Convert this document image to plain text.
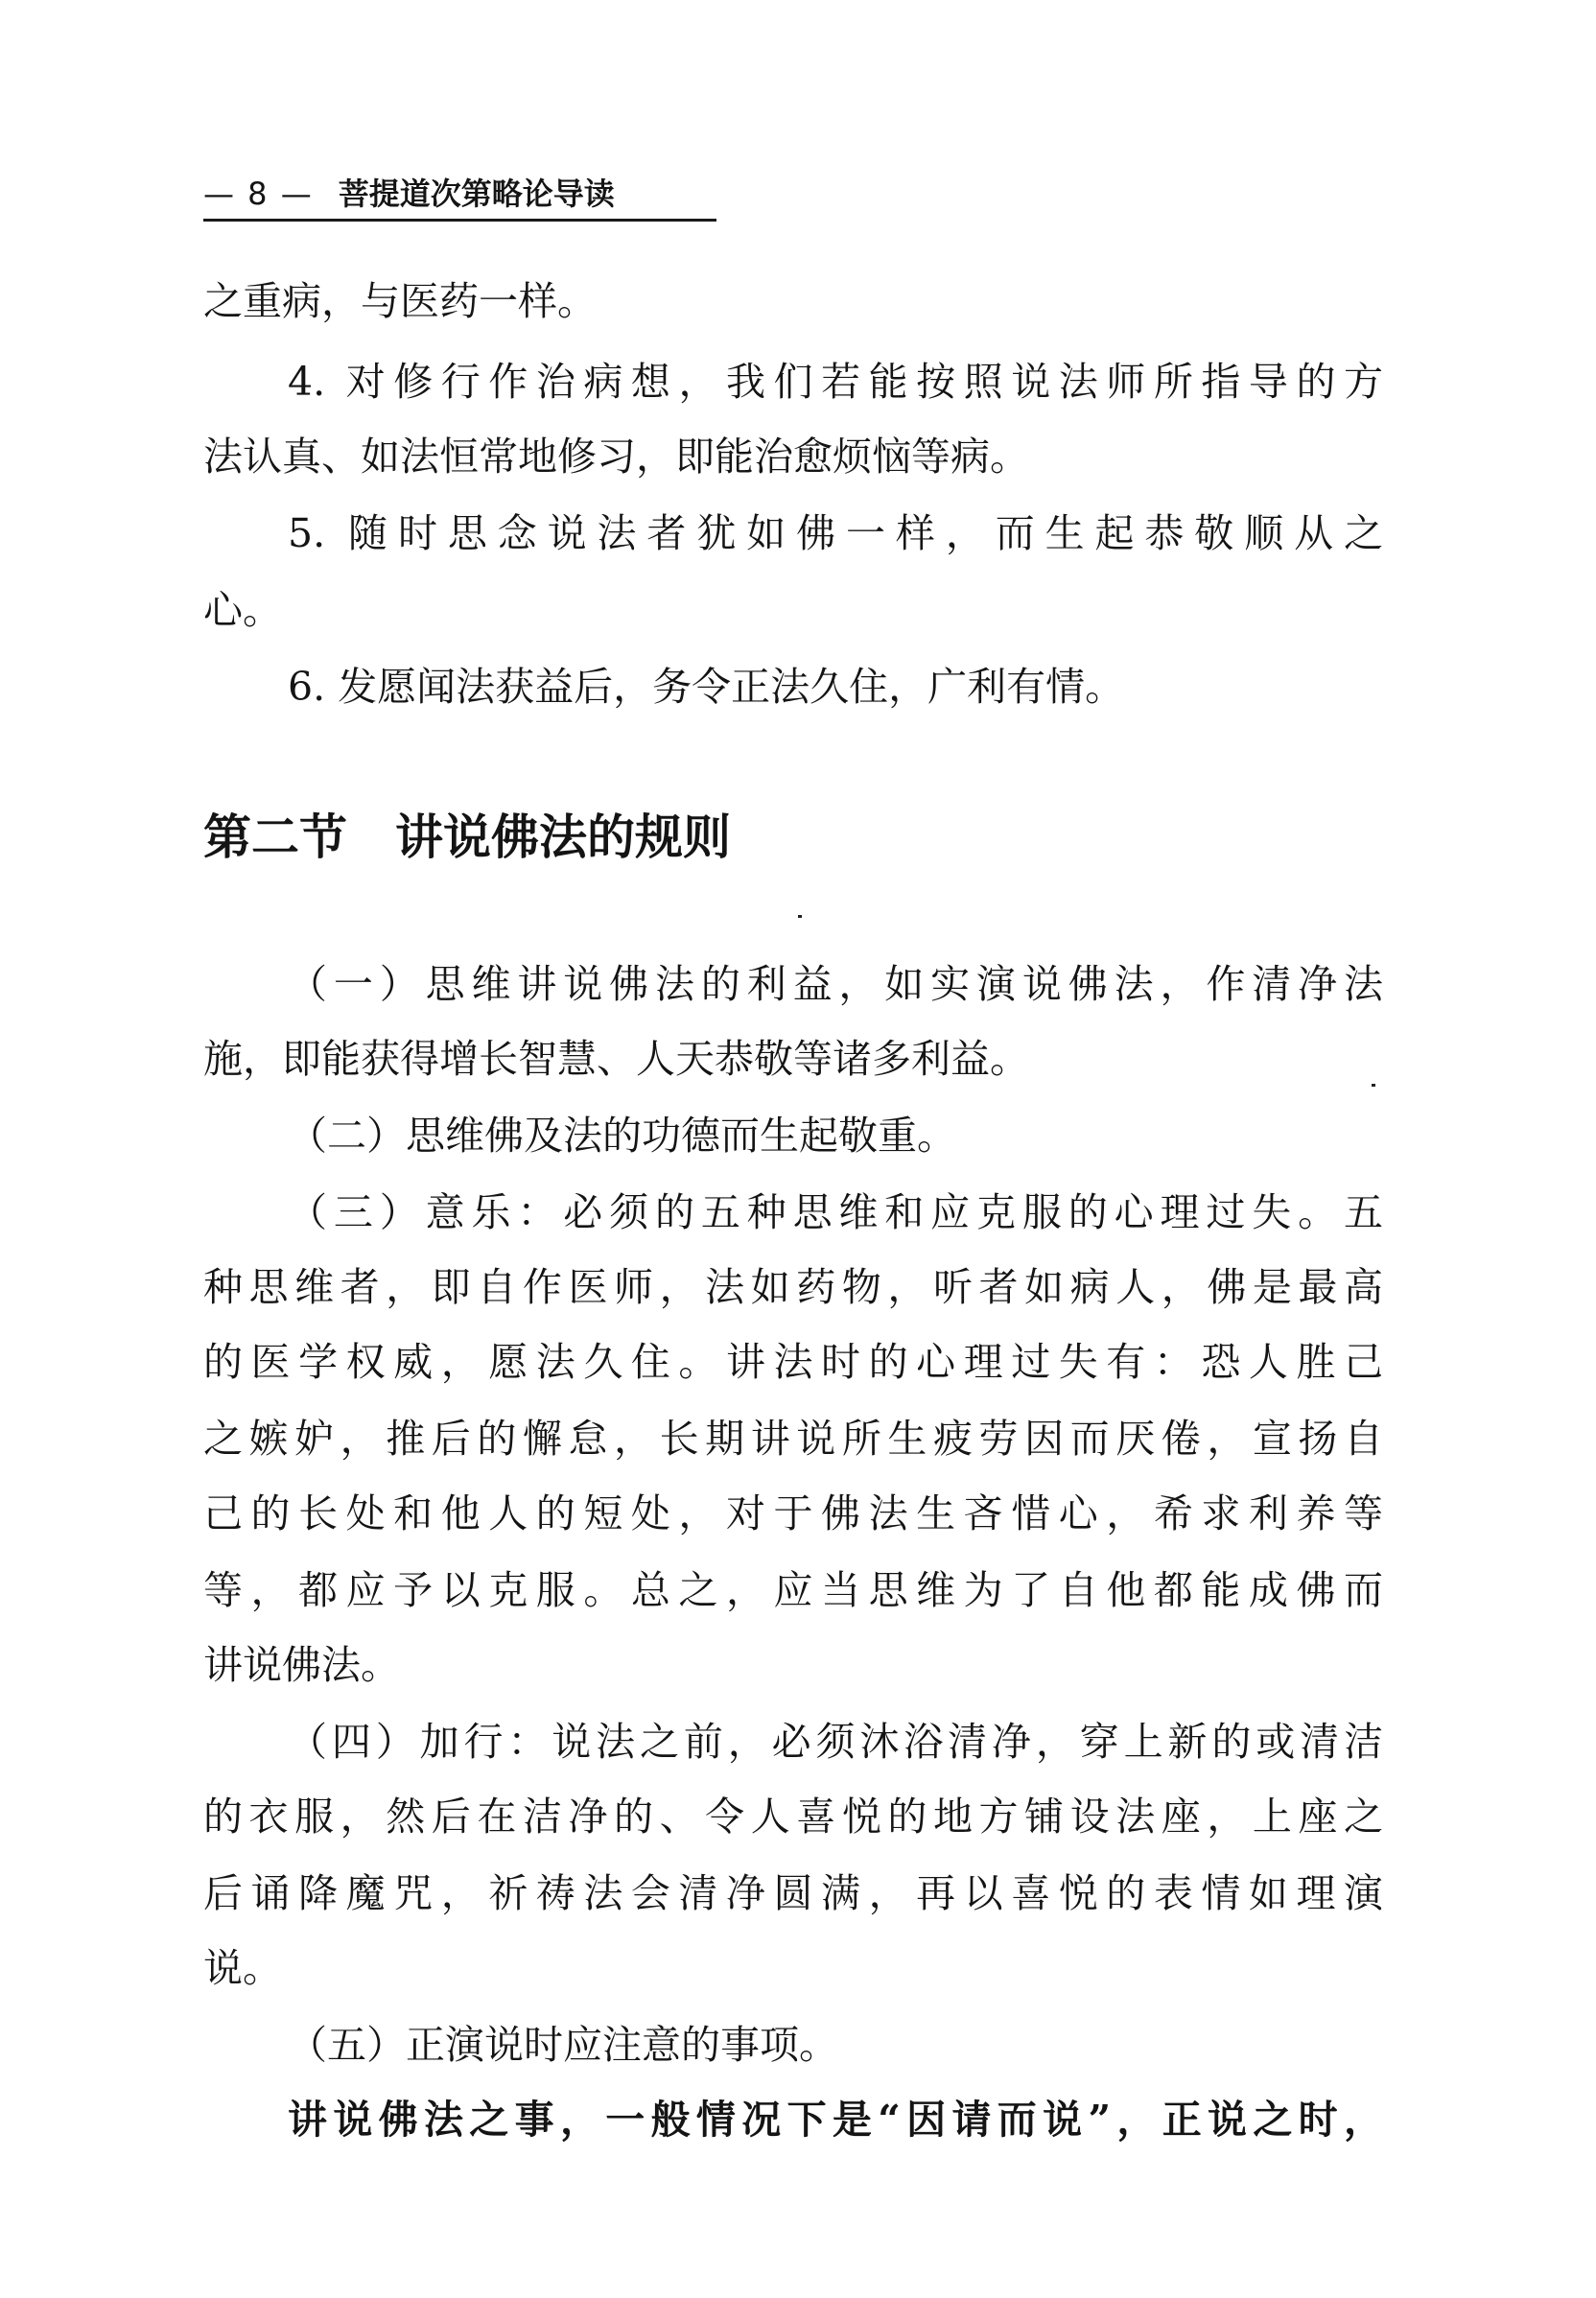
— 8 — 菩提道次第略论导读
之重病，与医药一样。
4. 对修行作治病想，我们若能按照说法师所指导的方
法认真、如法恒常地修习，即能治愈烦恼等病。
5. 随时思念说法者犹如佛一样，而生起恭敬顺从之
心。
6. 发愿闻法获益后，务令正法久住，广利有情。
第二节 讲说佛法的规则
（一）思维讲说佛法的利益，如实演说佛法，作清净法
施，即能获得增长智慧、人天恭敬等诸多利益。
（二）思维佛及法的功德而生起敬重。
（三）意乐：必须的五种思维和应克服的心理过失。五
种思维者，即自作医师，法如药物，听者如病人，佛是最高
的医学权威，愿法久住。讲法时的心理过失有：恐人胜己
之嫉妒，推后的懈怠，长期讲说所生疲劳因而厌倦，宣扬自
己的长处和他人的短处，对于佛法生吝惜心，希求利养等
等，都应予以克服。总之，应当思维为了自他都能成佛而
讲说佛法。
（四）加行：说法之前，必须沐浴清净，穿上新的或清洁
的衣服，然后在洁净的、令人喜悦的地方铺设法座，上座之
后诵降魔咒，祈祷法会清净圆满，再以喜悦的表情如理演
说。
（五）正演说时应注意的事项。
讲说佛法之事，一般情况下是“因请而说”，正说之时，
